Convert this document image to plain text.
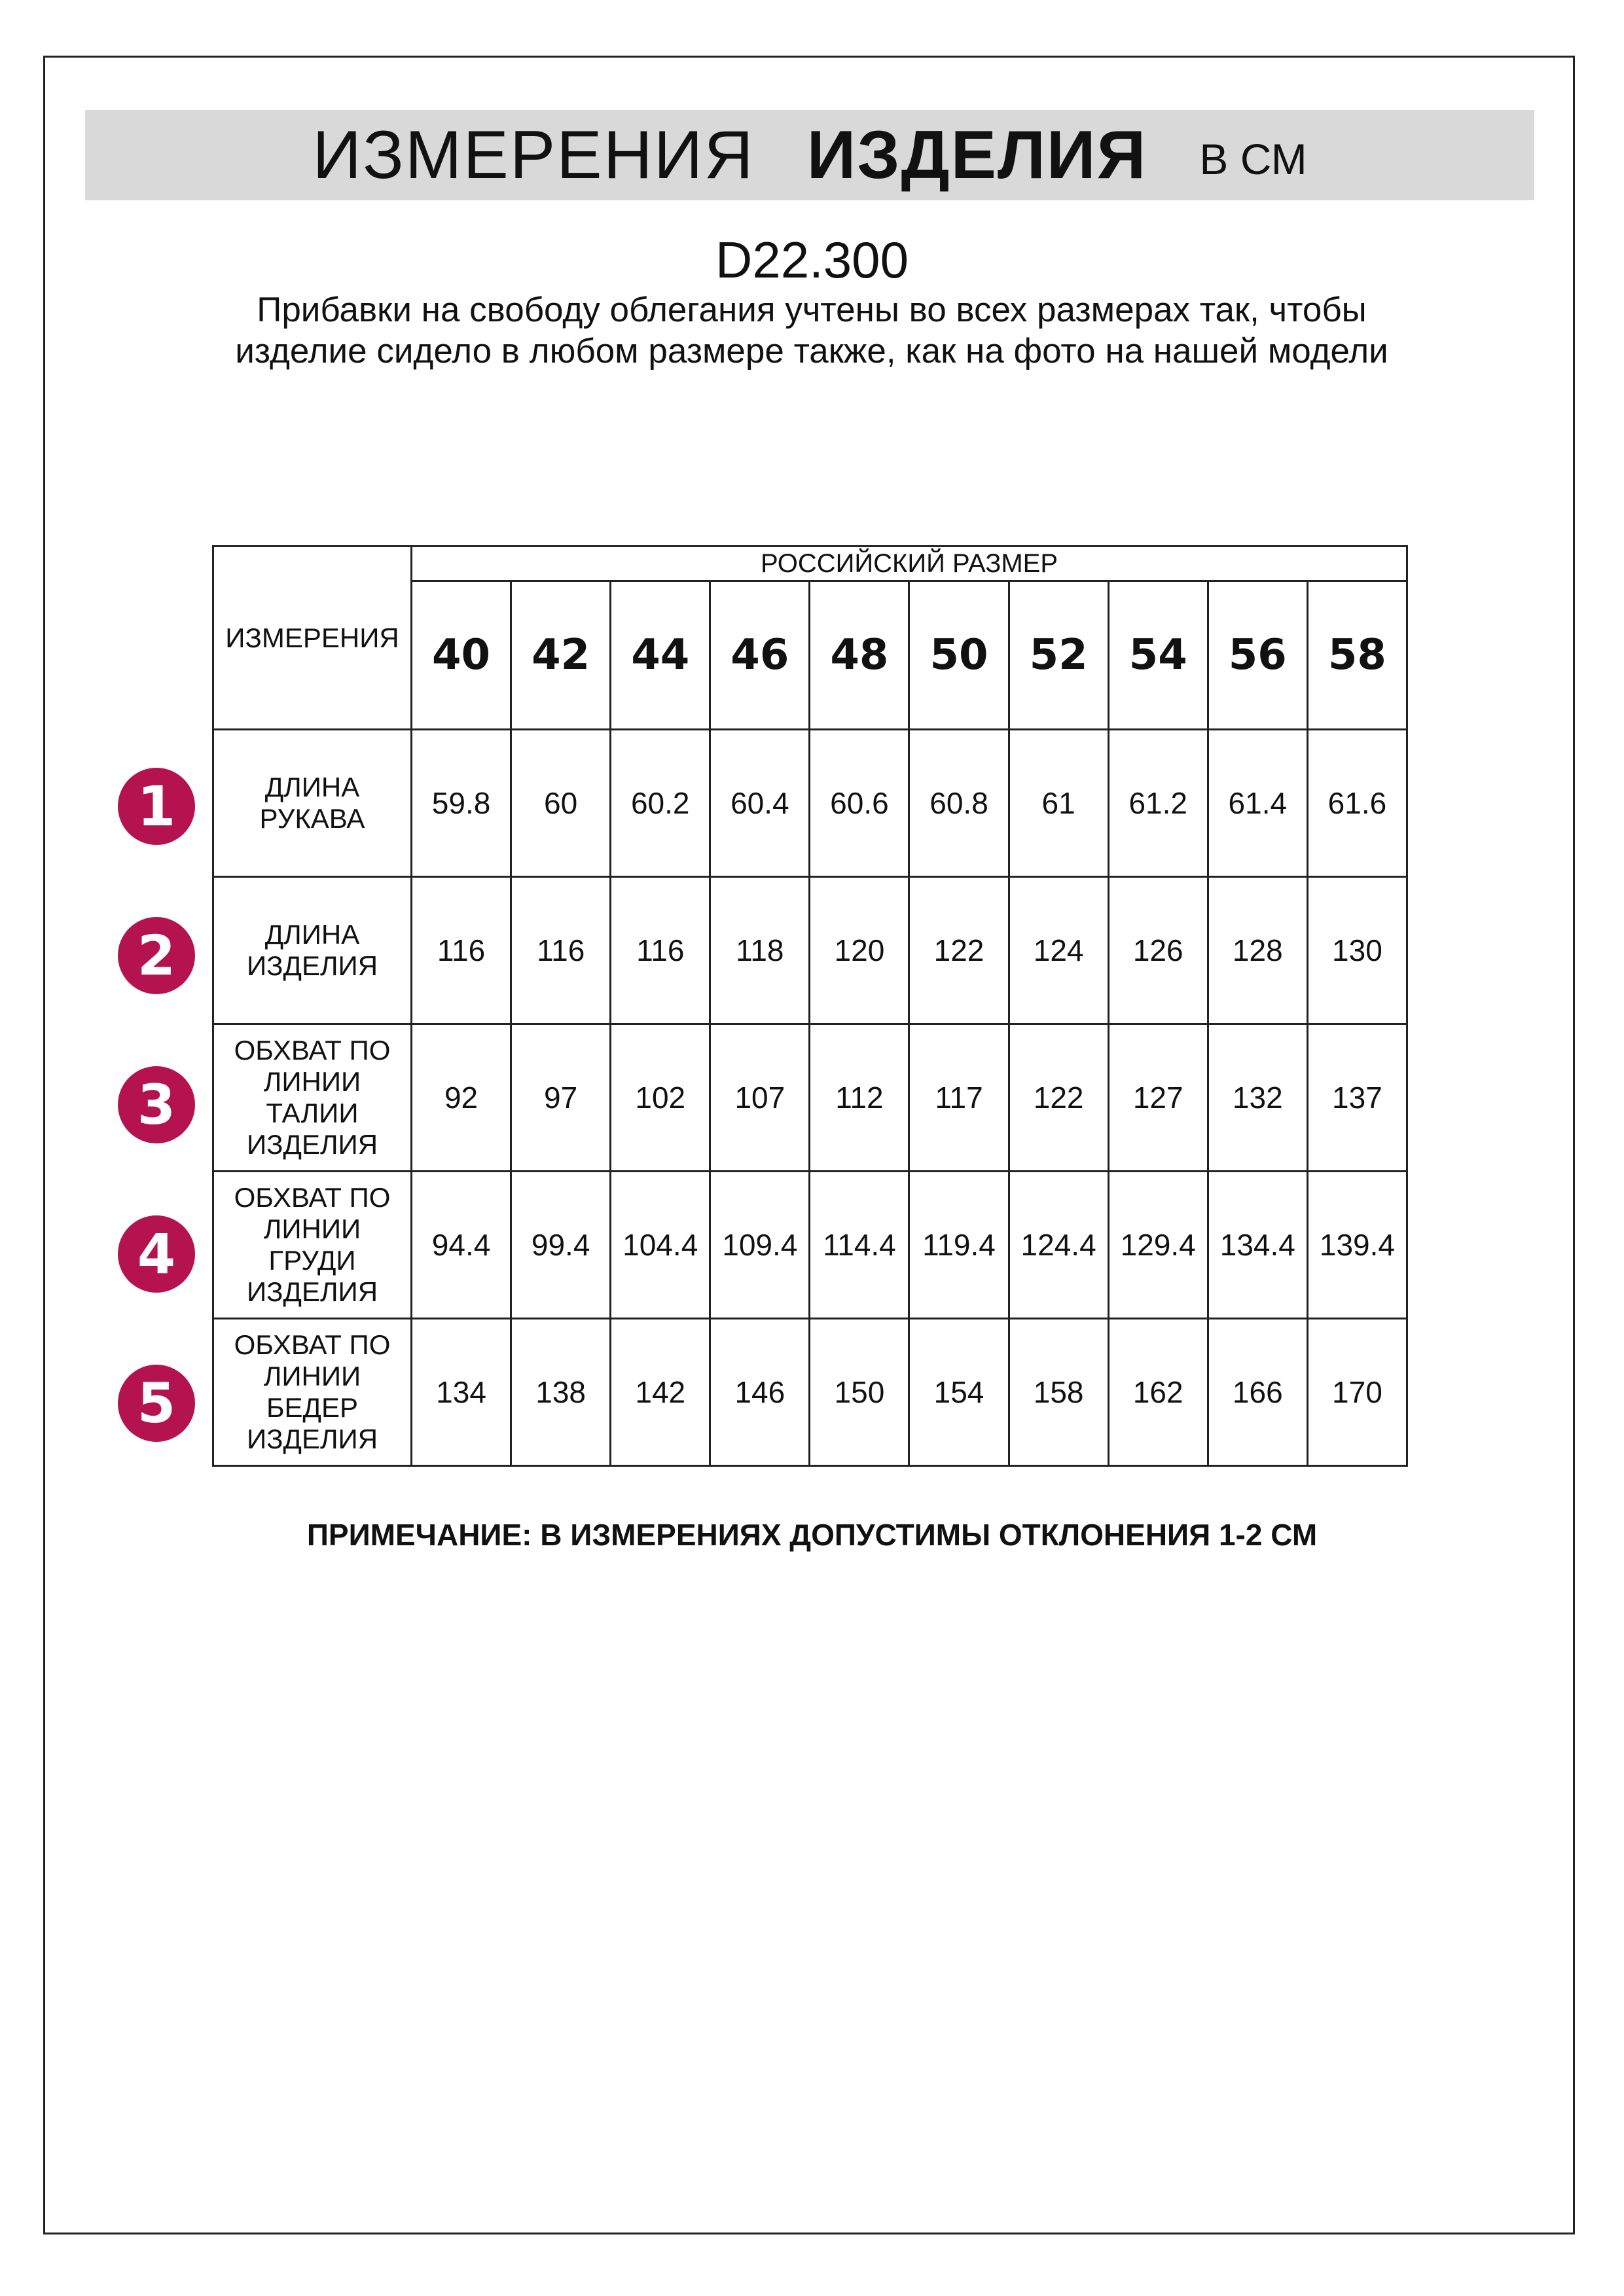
ИЗМЕРЕНИЯ ИЗДЕЛИЯ В СМ
D22.300
Прибавки на свободу облегания учтены во всех размерах так, чтобы изделие сидело в любом размере также, как на фото на нашей модели
ИЗМЕРЕНИЯ	РОССИЙСКИЙ РАЗМЕР									
	40	42	44	46	48	50	52	54	56	58

ДЛИНА
РУКАВА	59.8	60	60.2	60.4	60.6	60.8	61	61.2	61.4	61.6

ДЛИНА
ИЗДЕЛИЯ	116	116	116	118	120	122	124	126	128	130

ОБХВАТ ПО
ЛИНИИ
ТАЛИИ
ИЗДЕЛИЯ	92	97	102	107	112	117	122	127	132	137

ОБХВАТ ПО
ЛИНИИ
ГРУДИ
ИЗДЕЛИЯ	94.4	99.4	104.4	109.4	114.4	119.4	124.4	129.4	134.4	139.4

ОБХВАТ ПО
ЛИНИИ
БЕДЕР
ИЗДЕЛИЯ	134	138	142	146	150	154	158	162	166	170
1
2
3
4
5
ПРИМЕЧАНИЕ: В ИЗМЕРЕНИЯХ ДОПУСТИМЫ ОТКЛОНЕНИЯ 1-2 СМ
